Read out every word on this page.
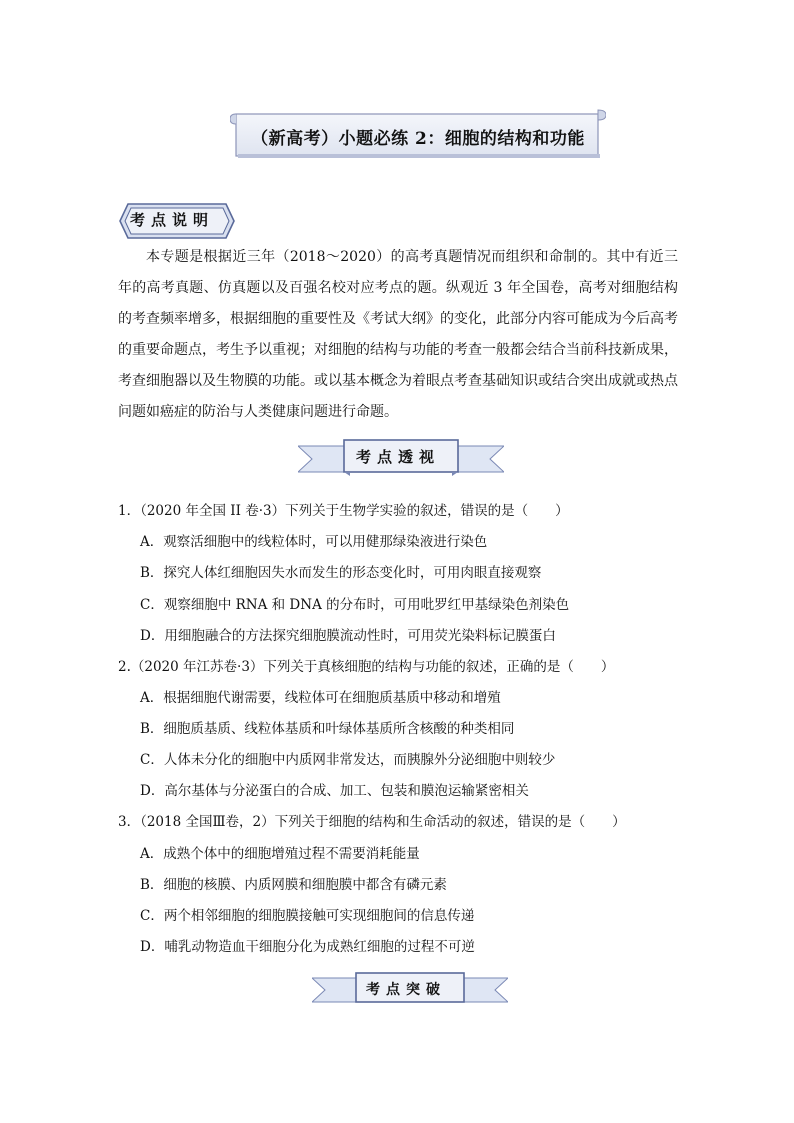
（新高考）小题必练 2：细胞的结构和功能
考点说明
本专题是根据近三年（2018～2020）的高考真题情况而组织和命制的。其中有近三年的高考真题、仿真题以及百强名校对应考点的题。纵观近 3 年全国卷，高考对细胞结构的考查频率增多，根据细胞的重要性及《考试大纲》的变化，此部分内容可能成为今后高考的重要命题点，考生予以重视；对细胞的结构与功能的考查一般都会结合当前科技新成果，考查细胞器以及生物膜的功能。或以基本概念为着眼点考查基础知识或结合突出成就或热点问题如癌症的防治与人类健康问题进行命题。
考点透视
1．（2020 年全国 II 卷·3）下列关于生物学实验的叙述，错误的是（　　）
A．观察活细胞中的线粒体时，可以用健那绿染液进行染色
B．探究人体红细胞因失水而发生的形态变化时，可用肉眼直接观察
C．观察细胞中 RNA 和 DNA 的分布时，可用吡罗红甲基绿染色剂染色
D．用细胞融合的方法探究细胞膜流动性时，可用荧光染料标记膜蛋白
2.（2020 年江苏卷·3）下列关于真核细胞的结构与功能的叙述，正确的是（　　）
A．根据细胞代谢需要，线粒体可在细胞质基质中移动和增殖
B．细胞质基质、线粒体基质和叶绿体基质所含核酸的种类相同
C．人体未分化的细胞中内质网非常发达，而胰腺外分泌细胞中则较少
D．高尔基体与分泌蛋白的合成、加工、包装和膜泡运输紧密相关
3．（2018 全国Ⅲ卷，2）下列关于细胞的结构和生命活动的叙述，错误的是（　　）
A．成熟个体中的细胞增殖过程不需要消耗能量
B．细胞的核膜、内质网膜和细胞膜中都含有磷元素
C．两个相邻细胞的细胞膜接触可实现细胞间的信息传递
D．哺乳动物造血干细胞分化为成熟红细胞的过程不可逆
考点突破
